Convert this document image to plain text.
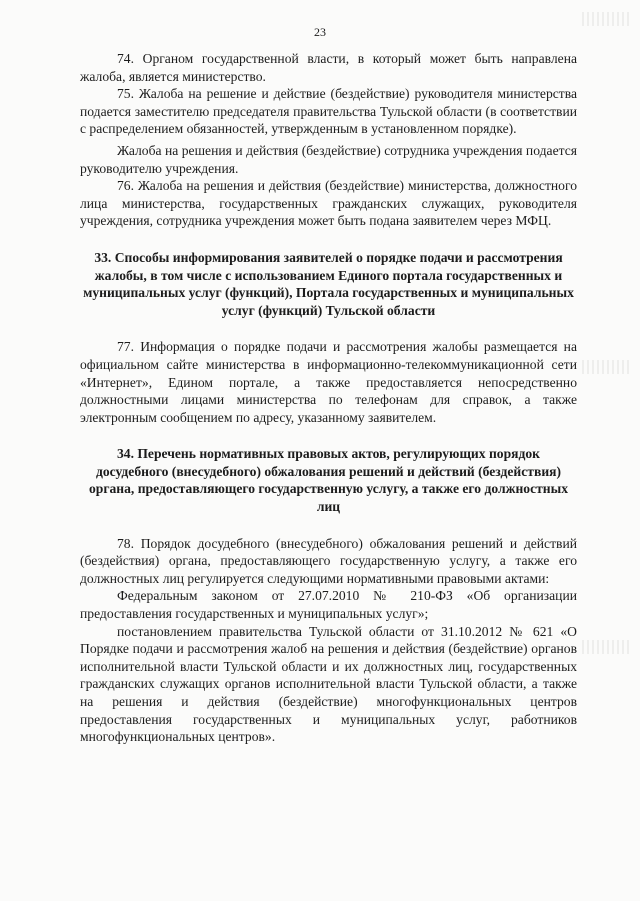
23

74. Органом государственной власти, в который может быть направлена жалоба, является министерство.

75. Жалоба на решение и действие (бездействие) руководителя министерства подается заместителю председателя правительства Тульской области (в соответствии с распределением обязанностей, утвержденным в установленном порядке).

Жалоба на решения и действия (бездействие) сотрудника учреждения подается руководителю учреждения.

76. Жалоба на решения и действия (бездействие) министерства, должностного лица министерства, государственных гражданских служащих, руководителя учреждения, сотрудника учреждения может быть подана заявителем через МФЦ.

33. Способы информирования заявителей о порядке подачи и рассмотрения жалобы, в том числе с использованием Единого портала государственных и муниципальных услуг (функций), Портала государственных и муниципальных услуг (функций) Тульской области

77. Информация о порядке подачи и рассмотрения жалобы размещается на официальном сайте министерства в информационно-телекоммуникационной сети «Интернет», Едином портале, а также предоставляется непосредственно должностными лицами министерства по телефонам для справок, а также электронным сообщением по адресу, указанному заявителем.

34. Перечень нормативных правовых актов, регулирующих порядок досудебного (внесудебного) обжалования решений и действий (бездействия) органа, предоставляющего государственную услугу, а также его должностных лиц

78. Порядок досудебного (внесудебного) обжалования решений и действий (бездействия) органа, предоставляющего государственную услугу, а также его должностных лиц регулируется следующими нормативными правовыми актами:

Федеральным законом от 27.07.2010 № 210-ФЗ «Об организации предоставления государственных и муниципальных услуг»;

постановлением правительства Тульской области от 31.10.2012 № 621 «О Порядке подачи и рассмотрения жалоб на решения и действия (бездействие) органов исполнительной власти Тульской области и их должностных лиц, государственных гражданских служащих органов исполнительной власти Тульской области, а также на решения и действия (бездействие) многофункциональных центров предоставления государственных и муниципальных услуг, работников многофункциональных центров».
